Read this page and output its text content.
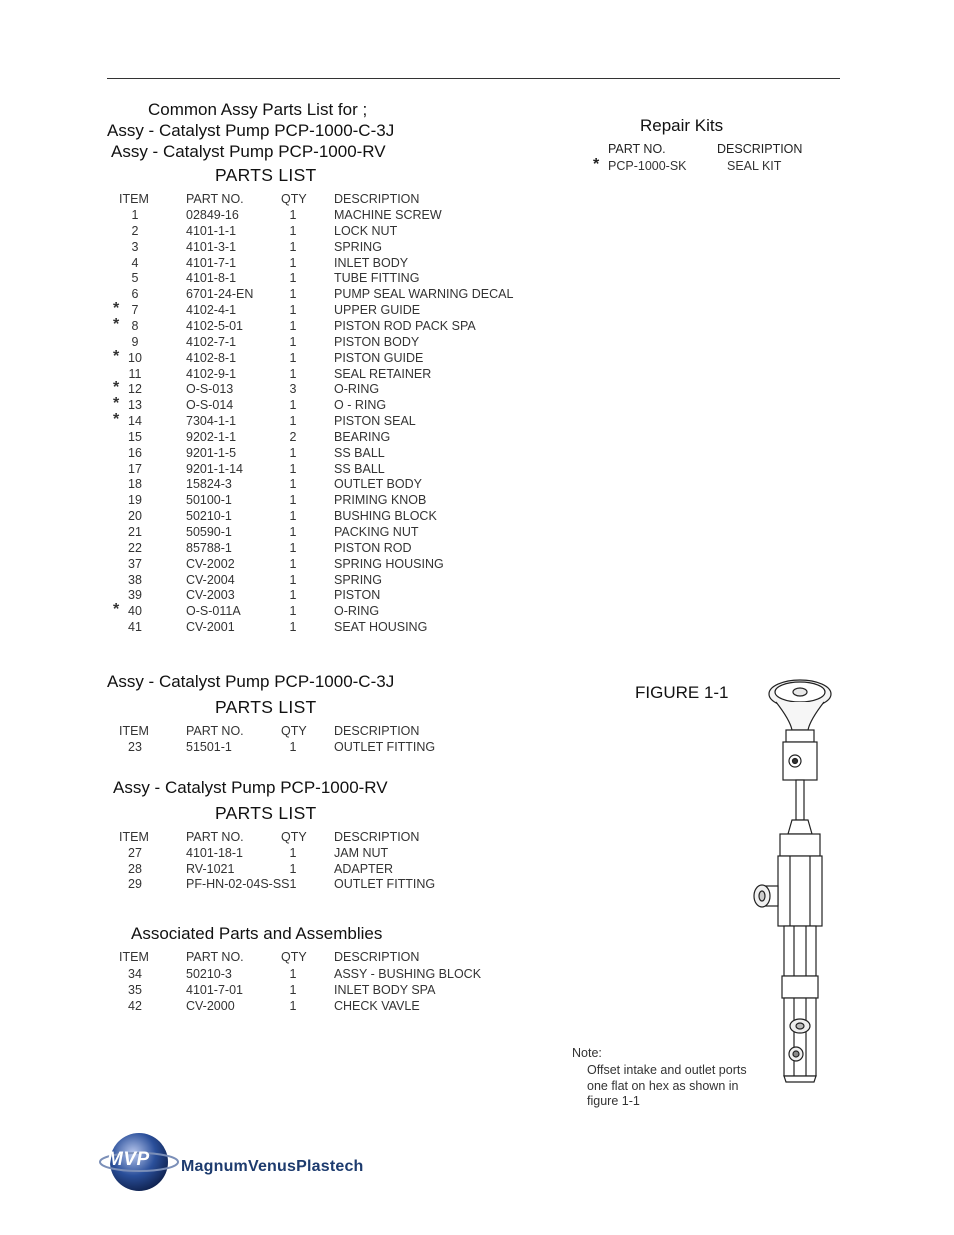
Common Assy Parts List for ;
Assy - Catalyst Pump PCP-1000-C-3J
Assy - Catalyst Pump PCP-1000-RV
PARTS LIST
ITEM	PART NO.	QTY DESCRIPTION
1	02849-16	1	MACHINE SCREW
2	4101-1-1	1	LOCK NUT
3	4101-3-1	1	SPRING
4	4101-7-1	1	INLET BODY
5	4101-8-1	1	TUBE FITTING
6	6701-24-EN	1	PUMP SEAL WARNING DECAL
* 7	4102-4-1	1	UPPER GUIDE
* 8	4102-5-01	1	PISTON ROD PACK SPA
9	4102-7-1	1	PISTON BODY
* 10	4102-8-1	1	PISTON GUIDE
11	4102-9-1	1	SEAL RETAINER
* 12	O-S-013	3	O-RING
* 13	O-S-014	1	O - RING
* 14	7304-1-1	1	PISTON SEAL
15	9202-1-1	2	BEARING
16	9201-1-5	1	SS BALL
17	9201-1-14	1	SS BALL
18	15824-3	1	OUTLET BODY
19	50100-1	1	PRIMING KNOB
20	50210-1	1	BUSHING BLOCK
21	50590-1	1	PACKING NUT
22	85788-1	1	PISTON ROD
37	CV-2002	1	SPRING HOUSING
38	CV-2004	1	SPRING
39	CV-2003	1	PISTON
* 40	O-S-011A	1	O-RING
41	CV-2001	1	SEAT HOUSING
Repair Kits
PART NO.	DESCRIPTION
* PCP-1000-SK	SEAL KIT
Assy - Catalyst Pump PCP-1000-C-3J
PARTS LIST
ITEM	PART NO.	QTY DESCRIPTION
23	51501-1	1	OUTLET FITTING
Assy - Catalyst Pump PCP-1000-RV
PARTS LIST
ITEM	PART NO.	QTY DESCRIPTION
27	4101-18-1	1	JAM NUT
28	RV-1021	1	ADAPTER
29	PF-HN-02-04S-SS 1	OUTLET FITTING
Associated Parts and Assemblies
ITEM	PART NO.	QTY DESCRIPTION
34	50210-3	1	ASSY - BUSHING BLOCK
35	4101-7-01	1	INLET BODY SPA
42	CV-2000	1	CHECK VAVLE
FIGURE 1-1
Note:
Offset intake and outlet ports
one flat on hex as shown in
figure 1-1
MVP MagnumVenusPlastech
